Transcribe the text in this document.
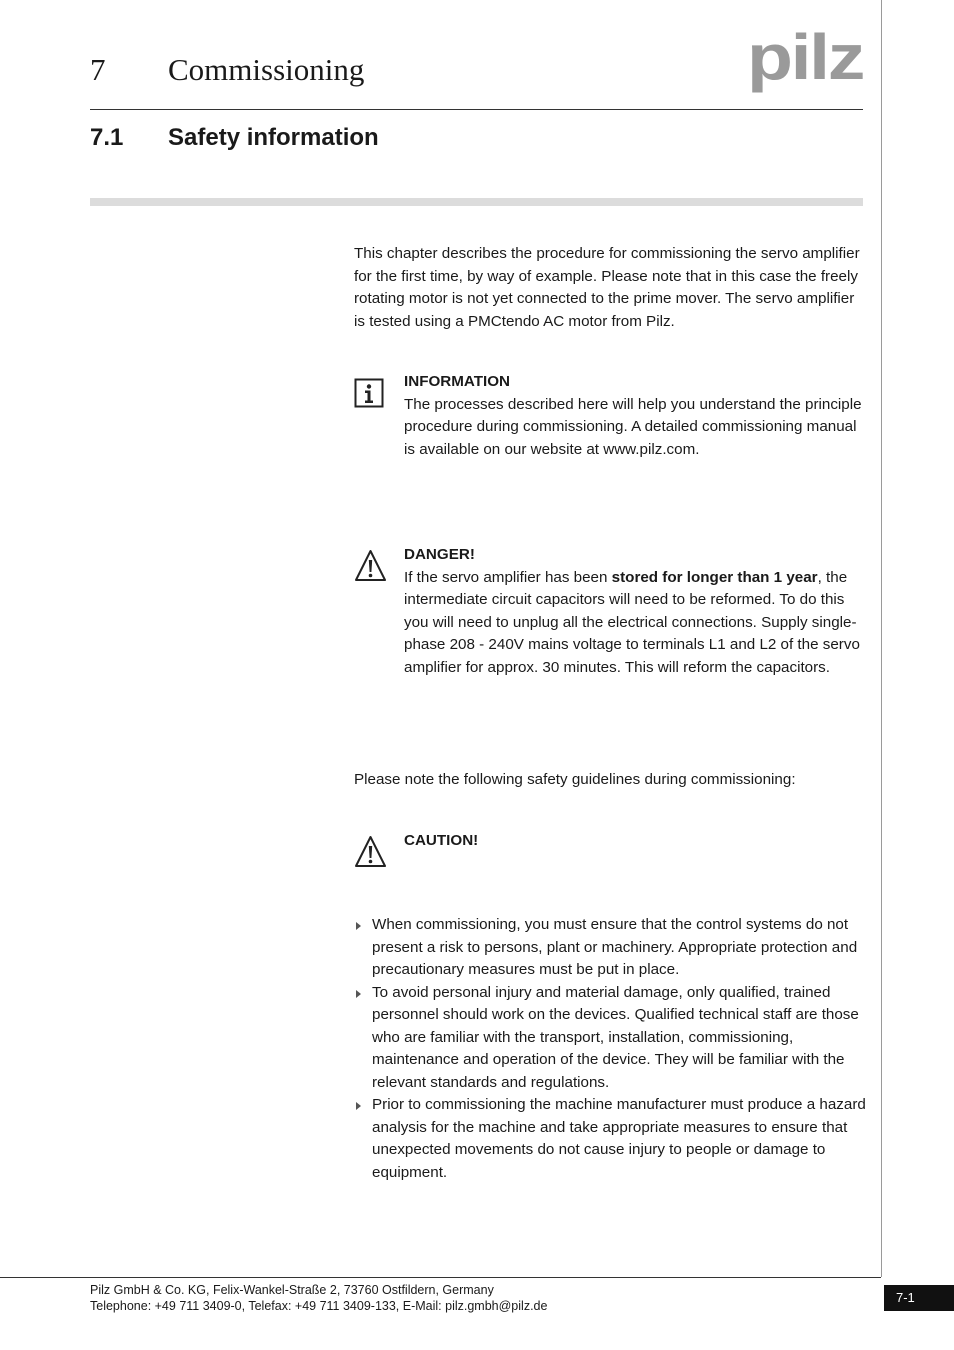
7 Commissioning	pilz
7.1 Safety information
This chapter describes the procedure for commissioning the servo amplifier for the first time, by way of example. Please note that in this case the freely rotating motor is not yet connected to the prime mover. The servo amplifier is tested using a PMCtendo AC motor from Pilz.
INFORMATION
The processes described here will help you understand the principle procedure during commissioning. A detailed commissioning manual is available on our website at www.pilz.com.
DANGER!
If the servo amplifier has been stored for longer than 1 year, the intermediate circuit capacitors will need to be reformed. To do this you will need to unplug all the electrical connections. Supply single-phase 208 - 240V mains voltage to terminals L1 and L2 of the servo amplifier for approx. 30 minutes. This will reform the capacitors.
Please note the following safety guidelines during commissioning:
CAUTION!
When commissioning, you must ensure that the control systems do not present a risk to persons, plant or machinery. Appropriate protection and precautionary measures must be put in place.
To avoid personal injury and material damage, only qualified, trained personnel should work on the devices. Qualified technical staff are those who are familiar with the transport, installation, commissioning, maintenance and operation of the device. They will be familiar with the relevant standards and regulations.
Prior to commissioning the machine manufacturer must produce a hazard analysis for the machine and take appropriate measures to ensure that unexpected movements do not cause injury to people or damage to equipment.
Pilz GmbH & Co. KG, Felix-Wankel-Straße 2, 73760 Ostfildern, Germany
Telephone: +49 711 3409-0, Telefax: +49 711 3409-133, E-Mail: pilz.gmbh@pilz.de
7-1
